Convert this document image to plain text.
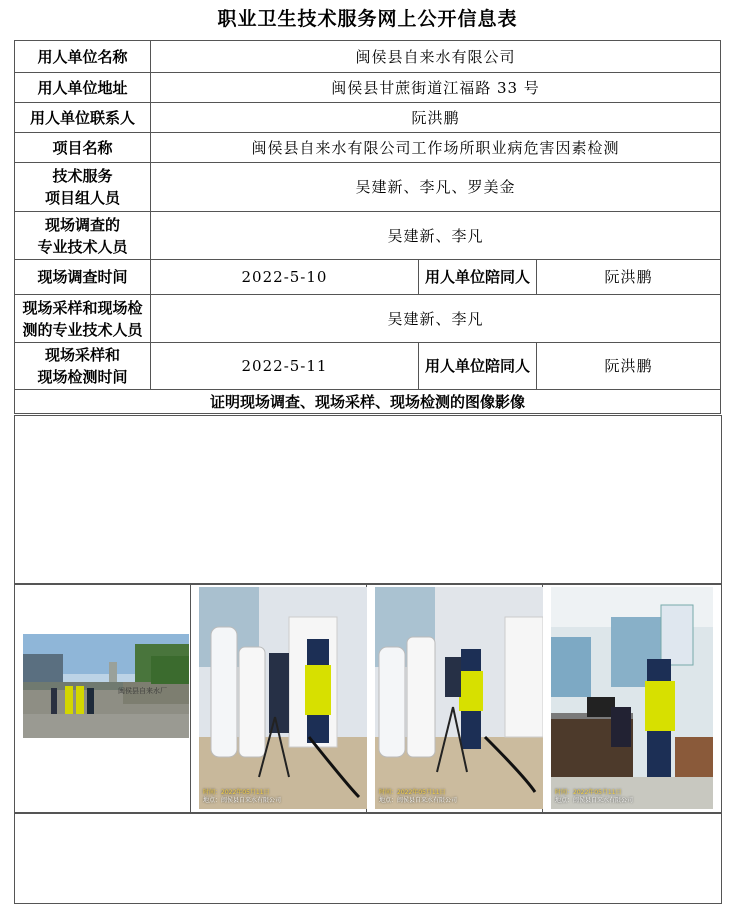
职业卫生技术服务网上公开信息表
用人单位名称	闽侯县自来水有限公司		
用人单位地址	闽侯县甘蔗街道江福路 33 号		
用人单位联系人	阮洪鹏		
项目名称	闽侯县自来水有限公司工作场所职业病危害因素检测		

技术服务
项目组人员	吴建新、李凡、罗美金		

现场调查的
专业技术人员	吴建新、李凡		
现场调查时间	2022-5-10	用人单位陪同人	阮洪鹏

现场采样和现场检
测的专业技术人员	吴建新、李凡		

现场采样和
现场检测时间	2022-5-11	用人单位陪同人	阮洪鹏
证明现场调查、现场采样、现场检测的图像影像			
闽侯县自来水厂
时间：2022年05月11日
地点：闽侯县自来水有限公司
时间：2022年05月11日
地点：闽侯县自来水有限公司
时间：2022年05月11日
地点：闽侯县自来水有限公司
